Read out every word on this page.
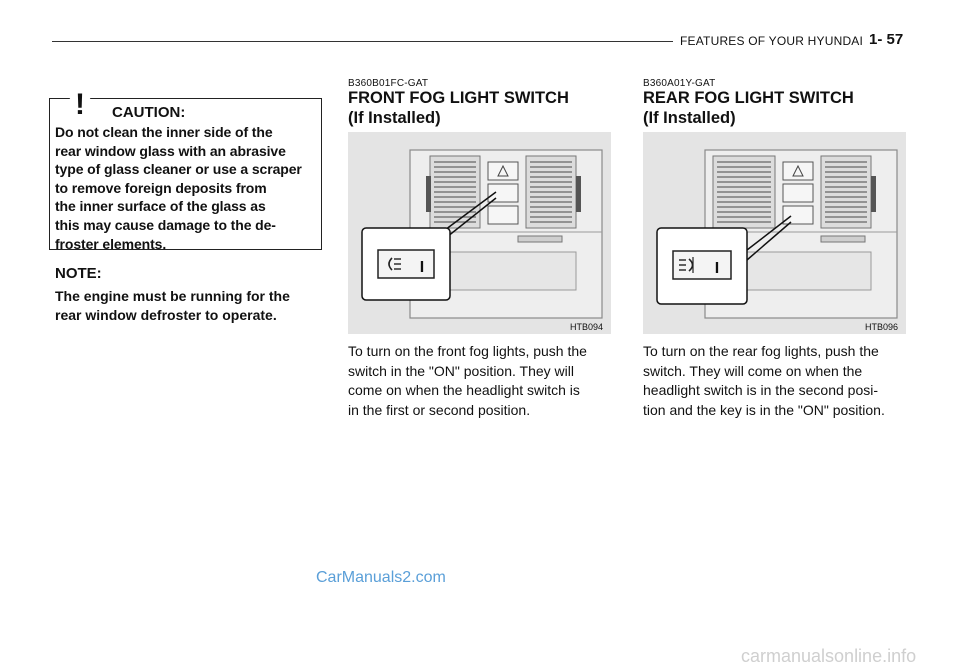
FEATURES OF YOUR HYUNDAI 1- 57
! CAUTION:
Do not clean the inner side of the
rear window glass with an abrasive
type of glass cleaner or use a scraper
to remove foreign deposits from
the inner surface of the glass as
this may cause damage to the de-
froster elements.
NOTE:
The engine must be running for the
rear window defroster to operate.
B360B01FC-GAT
FRONT FOG LIGHT SWITCH
(If Installed)
I
HTB094
To turn on the front fog lights, push the
switch in the "ON" position. They will
come on when the headlight switch is
in the first or second position.
B360A01Y-GAT
REAR FOG LIGHT SWITCH
(If Installed)
I
HTB096
To turn on the rear fog lights, push the
switch. They will come on when the
headlight switch is in the second posi-
tion and the key is in the "ON" position.
CarManuals2.com
carmanualsonline.info
